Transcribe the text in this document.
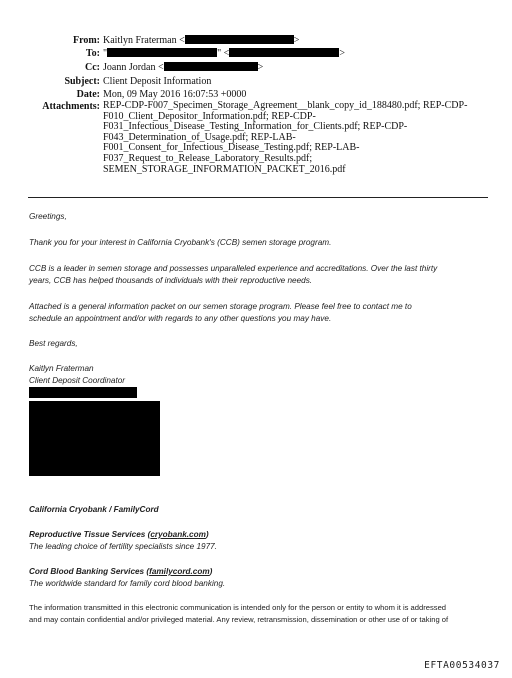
From: Kaitlyn Fraterman <	>
To: "	" <	>
Cc: Joann Jordan <	>
Subject: Client Deposit Information
Date: Mon, 09 May 2016 16:07:53 +0000
Attachments: REP-CDP-F007_Specimen_Storage_Agreement__blank_copy_id_188480.pdf; REP-CDP-
F010_Client_Depositor_Information.pdf; REP-CDP-
F031_Infectious_Disease_Testing_Information_for_Clients.pdf; REP-CDP-
F043_Determination_of_Usage.pdf; REP-LAB-
F001_Consent_for_Infectious_Disease_Testing.pdf; REP-LAB-
F037_Request_to_Release_Laboratory_Results.pdf;
SEMEN_STORAGE_INFORMATION_PACKET_2016.pdf

Greetings,

Thank you for your interest in California Cryobank's (CCB) semen storage program.

CCB is a leader in semen storage and possesses unparalleled experience and accreditations. Over the last thirty

years, CCB has helped thousands of individuals with their reproductive needs.

Attached is a general information packet on our semen storage program. Please feel free to contact me to

schedule an appointment and/or with regards to any other questions you may have.

Best regards,

Kaitlyn Fraterman

Client Deposit Coordinator

California Cryobank / FamilyCord

Reproductive Tissue Services (cryobank.com)

The leading choice of fertility specialists since 1977.

Cord Blood Banking Services (familycord.com)

The worldwide standard for family cord blood banking.

The information transmitted in this electronic communication is intended only for the person or entity to whom it is addressed
and may contain confidential and/or privileged material. Any review, retransmission, dissemination or other use of or taking of
EFTA00534037
